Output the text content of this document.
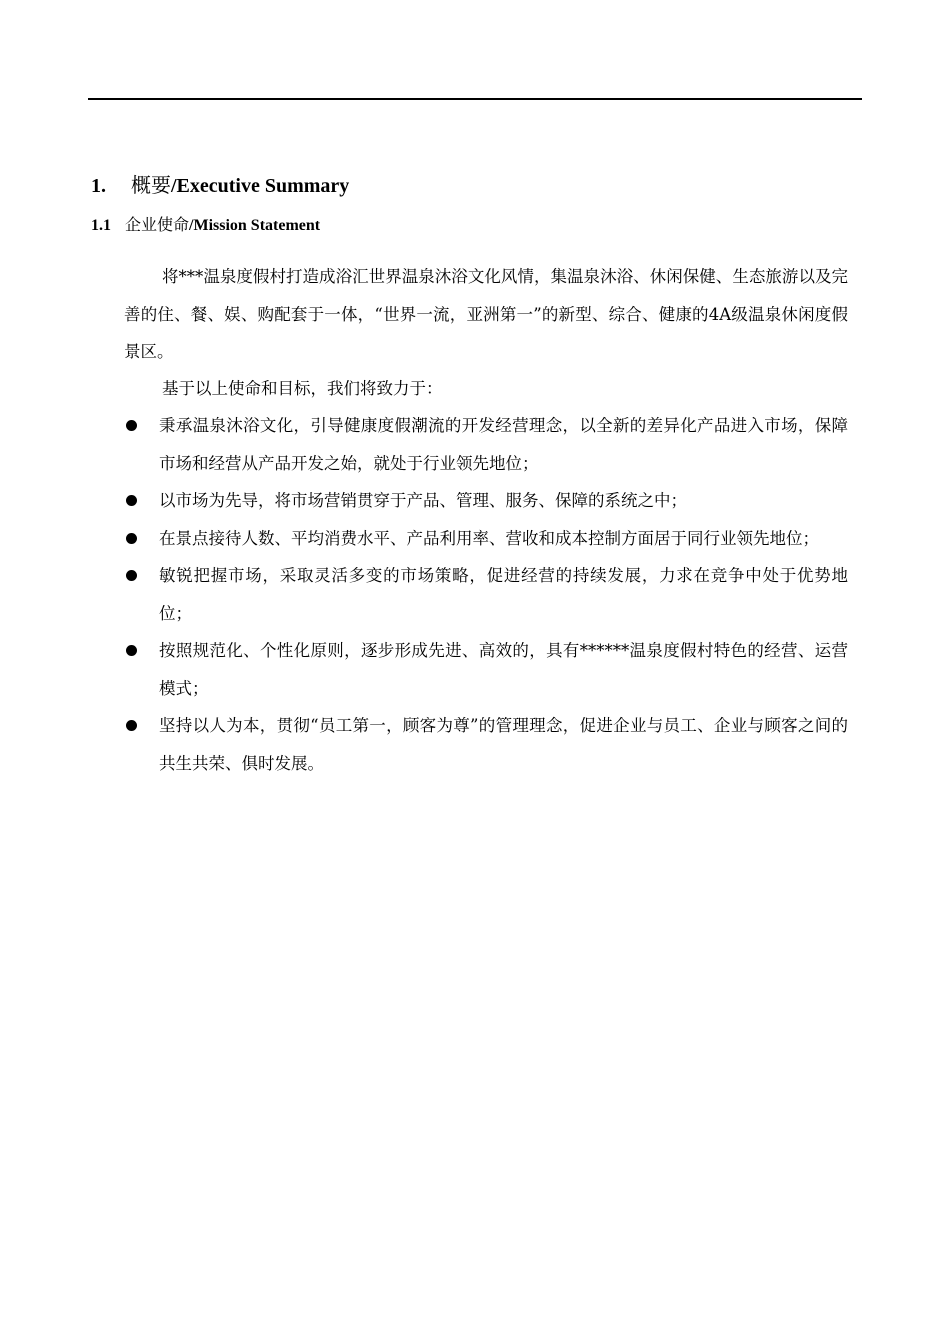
1. 概要/Executive Summary
1.1 企业使命/Mission Statement
将***温泉度假村打造成浴汇世界温泉沐浴文化风情，集温泉沐浴、休闲保健、生态旅游以及完善的住、餐、娱、购配套于一体，“世界一流，亚洲第一”的新型、综合、健康的4A级温泉休闲度假景区。
基于以上使命和目标，我们将致力于：
秉承温泉沐浴文化，引导健康度假潮流的开发经营理念，以全新的差异化产品进入市场，保障市场和经营从产品开发之始，就处于行业领先地位；
以市场为先导，将市场营销贯穿于产品、管理、服务、保障的系统之中；
在景点接待人数、平均消费水平、产品利用率、营收和成本控制方面居于同行业领先地位；
敏锐把握市场，采取灵活多变的市场策略，促进经营的持续发展，力求在竞争中处于优势地位；
按照规范化、个性化原则，逐步形成先进、高效的，具有******温泉度假村特色的经营、运营模式；
坚持以人为本，贯彻“员工第一，顾客为尊”的管理理念，促进企业与员工、企业与顾客之间的共生共荣、俱时发展。
